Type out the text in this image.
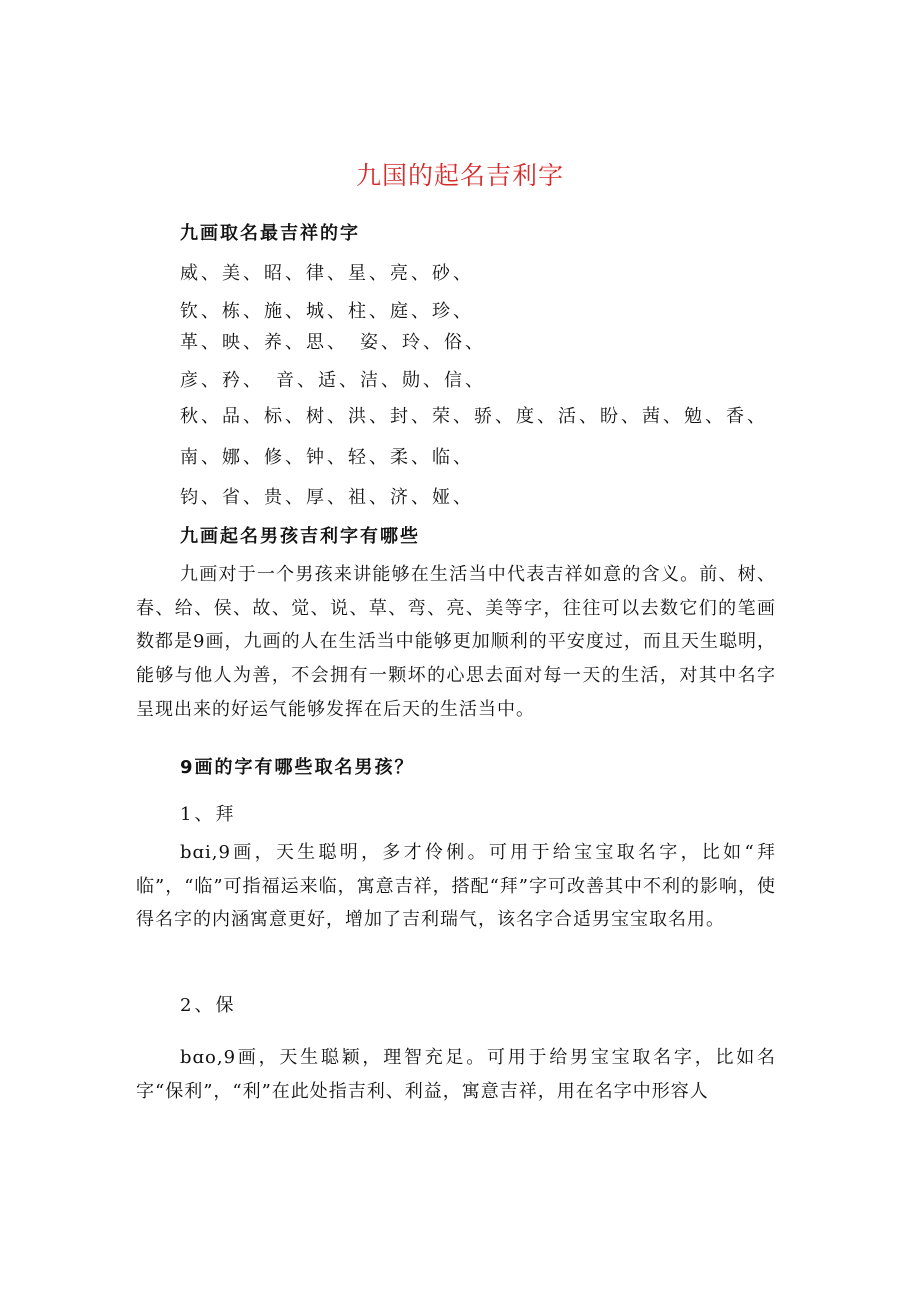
九国的起名吉利字
九画取名最吉祥的字
威、美、昭、律、星、亮、砂、
钦、栋、施、城、柱、庭、珍、
革、映、养、思、　姿、玲、俗、
彦、矜、　音、适、洁、勋、信、
秋、品、标、树、洪、封、荣、骄、度、活、盼、茜、勉、香、
南、娜、修、钟、轻、柔、临、
钧、省、贵、厚、祖、济、娅、
九画起名男孩吉利字有哪些
九画对于一个男孩来讲能够在生活当中代表吉祥如意的含义。前、树、春、给、侯、故、觉、说、草、弯、亮、美等字，往往可以去数它们的笔画数都是9画，九画的人在生活当中能够更加顺利的平安度过，而且天生聪明，能够与他人为善，不会拥有一颗坏的心思去面对每一天的生活，对其中名字呈现出来的好运气能够发挥在后天的生活当中。
9画的字有哪些取名男孩？
1、拜
bɑi,9画，天生聪明，多才伶俐。可用于给宝宝取名字，比如“拜临”，“临”可指福运来临，寓意吉祥，搭配“拜”字可改善其中不利的影响，使得名字的内涵寓意更好，增加了吉利瑞气，该名字合适男宝宝取名用。
2、保
bɑo,9画，天生聪颖，理智充足。可用于给男宝宝取名字，比如名字“保利”，“利”在此处指吉利、利益，寓意吉祥，用在名字中形容人
